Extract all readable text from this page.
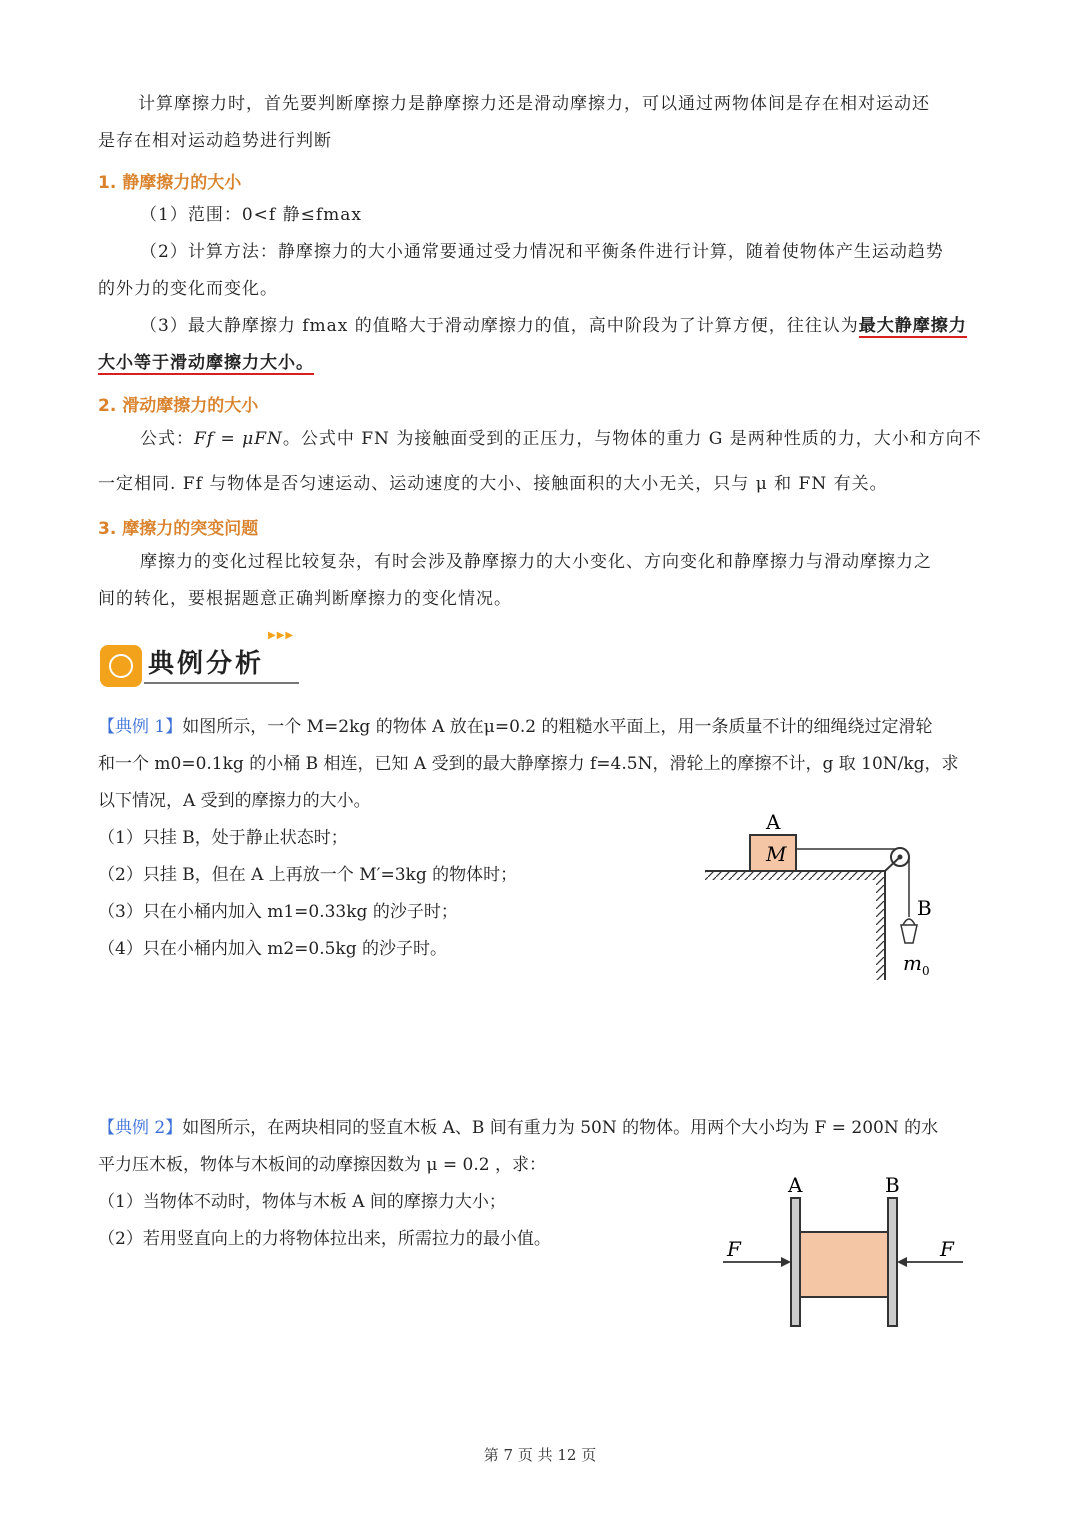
计算摩擦力时，首先要判断摩擦力是静摩擦力还是滑动摩擦力，可以通过两物体间是存在相对运动还

是存在相对运动趋势进行判断

1. 静摩擦力的大小

（1）范围：0<f 静≤fmax

（2）计算方法：静摩擦力的大小通常要通过受力情况和平衡条件进行计算，随着使物体产生运动趋势

的外力的变化而变化。

（3）最大静摩擦力 fmax 的值略大于滑动摩擦力的值，高中阶段为了计算方便，往往认为最大静摩擦力

大小等于滑动摩擦力大小。

2. 滑动摩擦力的大小

公式：Ff = μFN。公式中 FN 为接触面受到的正压力，与物体的重力 G 是两种性质的力，大小和方向不

一定相同. Ff 与物体是否匀速运动、运动速度的大小、接触面积的大小无关，只与 μ 和 FN 有关。

3. 摩擦力的突变问题

摩擦力的变化过程比较复杂，有时会涉及静摩擦力的大小变化、方向变化和静摩擦力与滑动摩擦力之

间的转化，要根据题意正确判断摩擦力的变化情况。

▶▶▶
典例分析

【典例 1】如图所示，一个 M=2kg 的物体 A 放在μ=0.2 的粗糙水平面上，用一条质量不计的细绳绕过定滑轮

和一个 m0=0.1kg 的小桶 B 相连，已知 A 受到的最大静摩擦力 f=4.5N，滑轮上的摩擦不计，g 取 10N/kg，求

以下情况，A 受到的摩擦力的大小。

（1）只挂 B，处于静止状态时；

（2）只挂 B，但在 A 上再放一个 M′=3kg 的物体时；

（3）只在小桶内加入 m1=0.33kg 的沙子时；

（4）只在小桶内加入 m2=0.5kg 的沙子时。

M
A
B
$m_0$

【典例 2】如图所示，在两块相同的竖直木板 A、B 间有重力为 50N 的物体。用两个大小均为 F = 200N 的水

平力压木板，物体与木板间的动摩擦因数为 μ = 0.2 ，求：

（1）当物体不动时，物体与木板 A 间的摩擦力大小；

（2）若用竖直向上的力将物体拉出来，所需拉力的最小值。

A	B
F	F
第 7 页 共 12 页
